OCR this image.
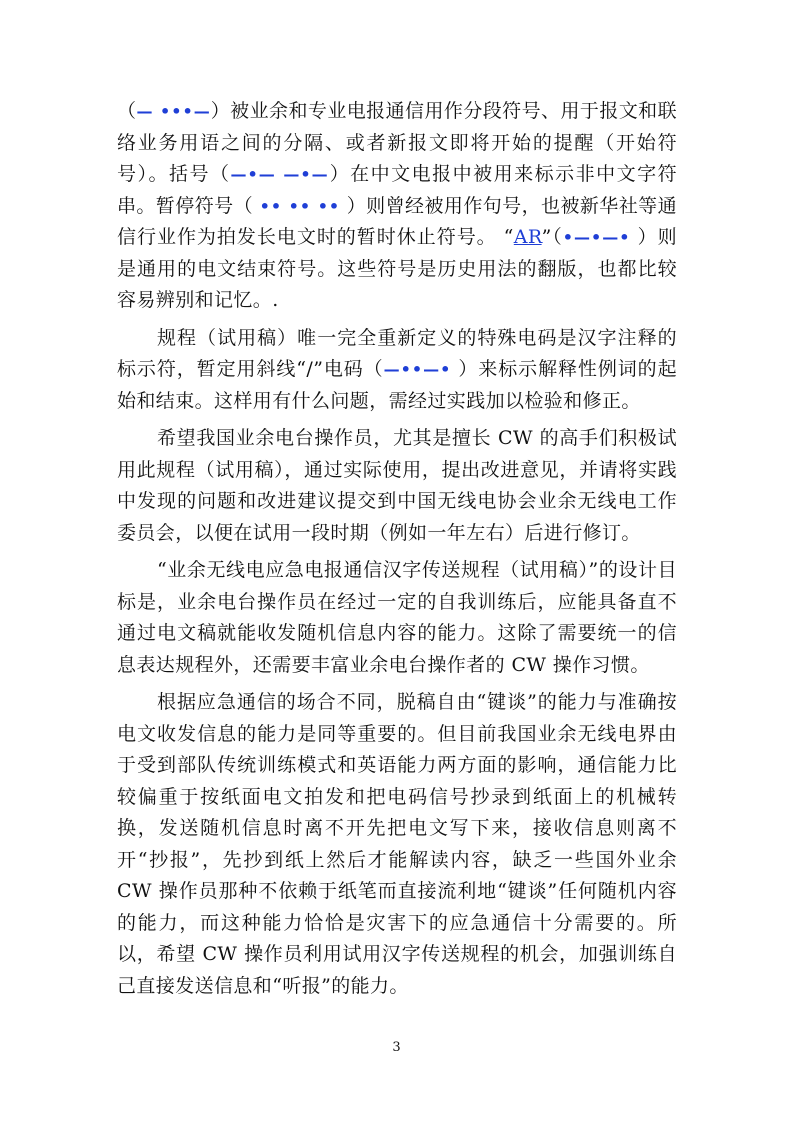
（— •••—）被业余和专业电报通信用作分段符号、用于报文和联络业务用语之间的分隔、或者新报文即将开始的提醒（开始符号）。括号（—•— —•—）在中文电报中被用来标示非中文字符串。暂停符号（ •• •• •• ）则曾经被用作句号，也被新华社等通信行业作为拍发长电文时的暂时休止符号。 “AR”（•—•—• ）则是通用的电文结束符号。这些符号是历史用法的翻版，也都比较容易辨别和记忆。.

规程（试用稿）唯一完全重新定义的特殊电码是汉字注释的标示符，暂定用斜线“/”电码（—••—• ）来标示解释性例词的起始和结束。这样用有什么问题，需经过实践加以检验和修正。

希望我国业余电台操作员，尤其是擅长 CW 的高手们积极试用此规程（试用稿），通过实际使用，提出改进意见，并请将实践中发现的问题和改进建议提交到中国无线电协会业余无线电工作委员会，以便在试用一段时期（例如一年左右）后进行修订。

“业余无线电应急电报通信汉字传送规程（试用稿）”的设计目标是，业余电台操作员在经过一定的自我训练后，应能具备直不通过电文稿就能收发随机信息内容的能力。这除了需要统一的信息表达规程外，还需要丰富业余电台操作者的 CW 操作习惯。

根据应急通信的场合不同，脱稿自由“键谈”的能力与准确按电文收发信息的能力是同等重要的。但目前我国业余无线电界由于受到部队传统训练模式和英语能力两方面的影响，通信能力比较偏重于按纸面电文拍发和把电码信号抄录到纸面上的机械转换，发送随机信息时离不开先把电文写下来，接收信息则离不开“抄报”，先抄到纸上然后才能解读内容，缺乏一些国外业余 CW 操作员那种不依赖于纸笔而直接流利地“键谈”任何随机内容的能力，而这种能力恰恰是灾害下的应急通信十分需要的。所以，希望 CW 操作员利用试用汉字传送规程的机会，加强训练自己直接发送信息和“听报”的能力。

3
